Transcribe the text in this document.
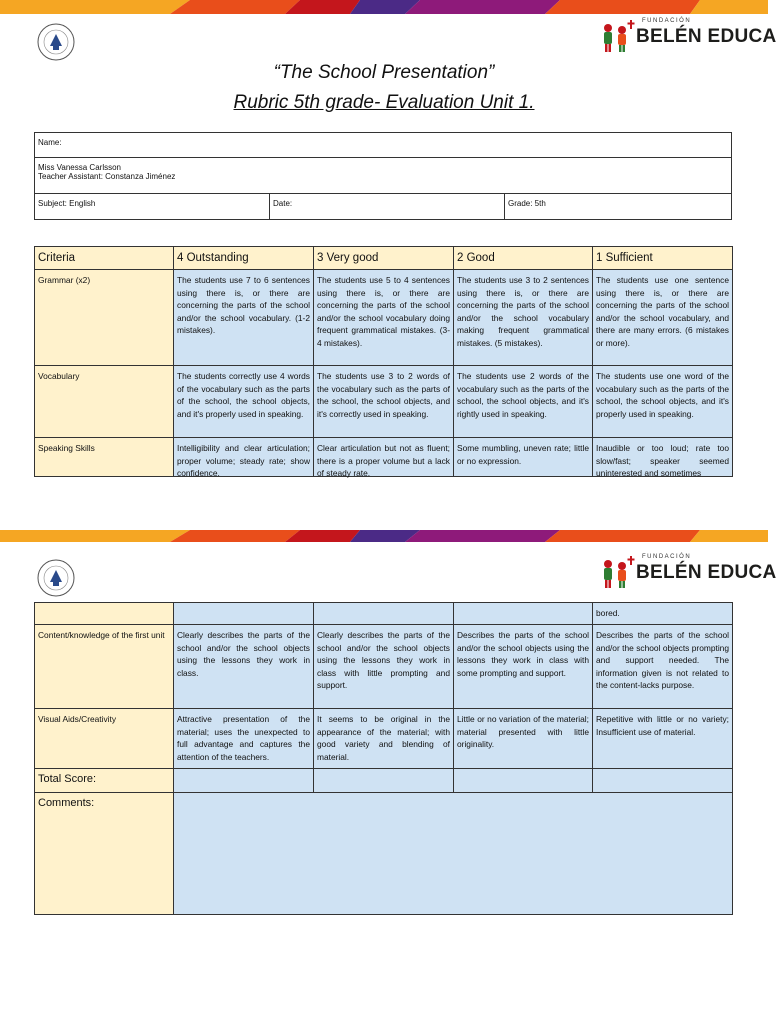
FUNDACIÓN
BELÉN EDUCA
“The School Presentation”
Rubric 5th grade- Evaluation Unit 1.
Name:
Miss Vanessa Carlsson
Teacher Assistant: Constanza Jiménez
Subject: English	Date:	Grade: 5th
Criteria	4 Outstanding	3 Very good	2 Good	1 Sufficient
Grammar (x2)	The students use 7 to 6 sentences using there is, or there are concerning the parts of the school and/or the school vocabulary. (1-2 mistakes).	The students use 5 to 4 sentences using there is, or there are concerning the parts of the school and/or the school vocabulary doing frequent grammatical mistakes. (3-4 mistakes).	The students use 3 to 2 sentences using there is, or there are concerning the parts of the school and/or the school vocabulary making frequent grammatical mistakes. (5 mistakes).	The students use one sentence using there is, or there are concerning the parts of the school and/or the school vocabulary, and there are many errors. (6 mistakes or more).
Vocabulary	The students correctly use 4 words of the vocabulary such as the parts of the school, the school objects, and it's properly used in speaking.	The students use 3 to 2 words of the vocabulary such as the parts of the school, the school objects, and it's correctly used in speaking.	The students use 2 words of the vocabulary such as the parts of the school, the school objects, and it's rightly used in speaking.	The students use one word of the vocabulary such as the parts of the school, the school objects, and it's properly used in speaking.

Speaking Skills	Intelligibility and clear articulation; proper volume; steady rate; show confidence.	Clear articulation but not as fluent; there is a proper volume but a lack of steady rate.	Some mumbling, uneven rate; little or no expression.	Inaudible or too loud; rate too slow/fast; speaker seemed uninterested and sometimes
FUNDACIÓN
BELÉN EDUCA
				bored.
Content/knowledge of the first unit	Clearly describes the parts of the school and/or the school objects using the lessons they work in class.	Clearly describes the parts of the school and/or the school objects using the lessons they work in class with little prompting and support.	Describes the parts of the school and/or the school objects using the lessons they work in class with some prompting and support.	Describes the parts of the school and/or the school objects prompting and support needed. The information given is not related to the content-lacks purpose.
Visual Aids/Creativity	Attractive presentation of the material; uses the unexpected to full advantage and captures the attention of the teachers.	It seems to be original in the appearance of the material; with good variety and blending of material.	Little or no variation of the material; material presented with little originality.	Repetitive with little or no variety; Insufficient use of material.
Total Score:				
Comments:				
